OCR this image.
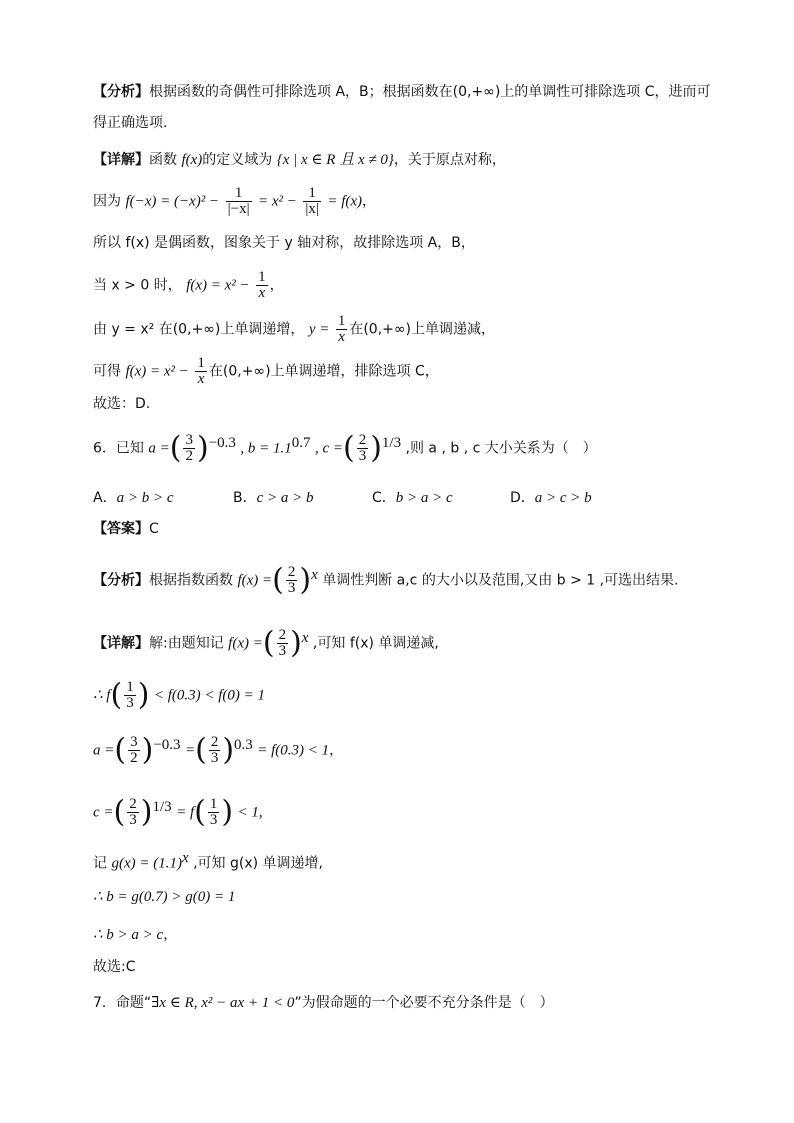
【分析】根据函数的奇偶性可排除选项 A，B；根据函数在(0,+∞)上的单调性可排除选项 C，进而可
得正确选项.
【详解】函数 f(x)的定义域为 {x | x ∈ R 且 x ≠ 0}，关于原点对称，
因为 $f(-x) = (-x)^2 - \frac{1}{|-x|} = x^2 - \frac{1}{|x|} = f(x)$，
所以 f(x) 是偶函数，图象关于 y 轴对称，故排除选项 A，B，
当 x > 0 时， $f(x) = x^2 - \frac{1}{x}$ ，
由 y = x² 在(0,+∞)上单调递增， $y = \frac{1}{x}$ 在(0,+∞)上单调递减，
可得 $f(x) = x^2 - \frac{1}{x}$ 在(0,+∞)上单调递增，排除选项 C，
故选：D.
6．已知 a =( $\frac{3}{2} )^{-0.3}$ , $b = 1.1^{0.7}$ , c =( $\frac{2}{3} )^{1/3}$ ,则 a , b , c 大小关系为（　）
A．a > b > c	B．c > a > b	C．b > a > c	D．a > c > b
【答案】C
【分析】根据指数函数 f(x) =( $\frac{2}{3} )^x$ 单调性判断 a,c 的大小以及范围,又由 b > 1 ,可选出结果.
【详解】解:由题知记 f(x) =( $\frac{2}{3} )^x$ ,可知 f(x) 单调递减,
∴ $f( \frac{1}{3}$ ) < f(0.3) < f(0) = 1
a =( $\frac{3}{2} )^{-0.3}$ =( $\frac{2}{3} )^{0.3} = f(0.3) < 1$，
c =( $\frac{2}{3} )^{1/3} = f( \frac{1}{3}$ ) < 1,
记 $g(x) = (1.1)^x$ ,可知 g(x) 单调递增,
∴ b = g(0.7) > g(0) = 1
∴ b > a > c，
故选:C
7．命题“∃x ∈ R, x² − ax + 1 < 0”为假命题的一个必要不充分条件是（　）
